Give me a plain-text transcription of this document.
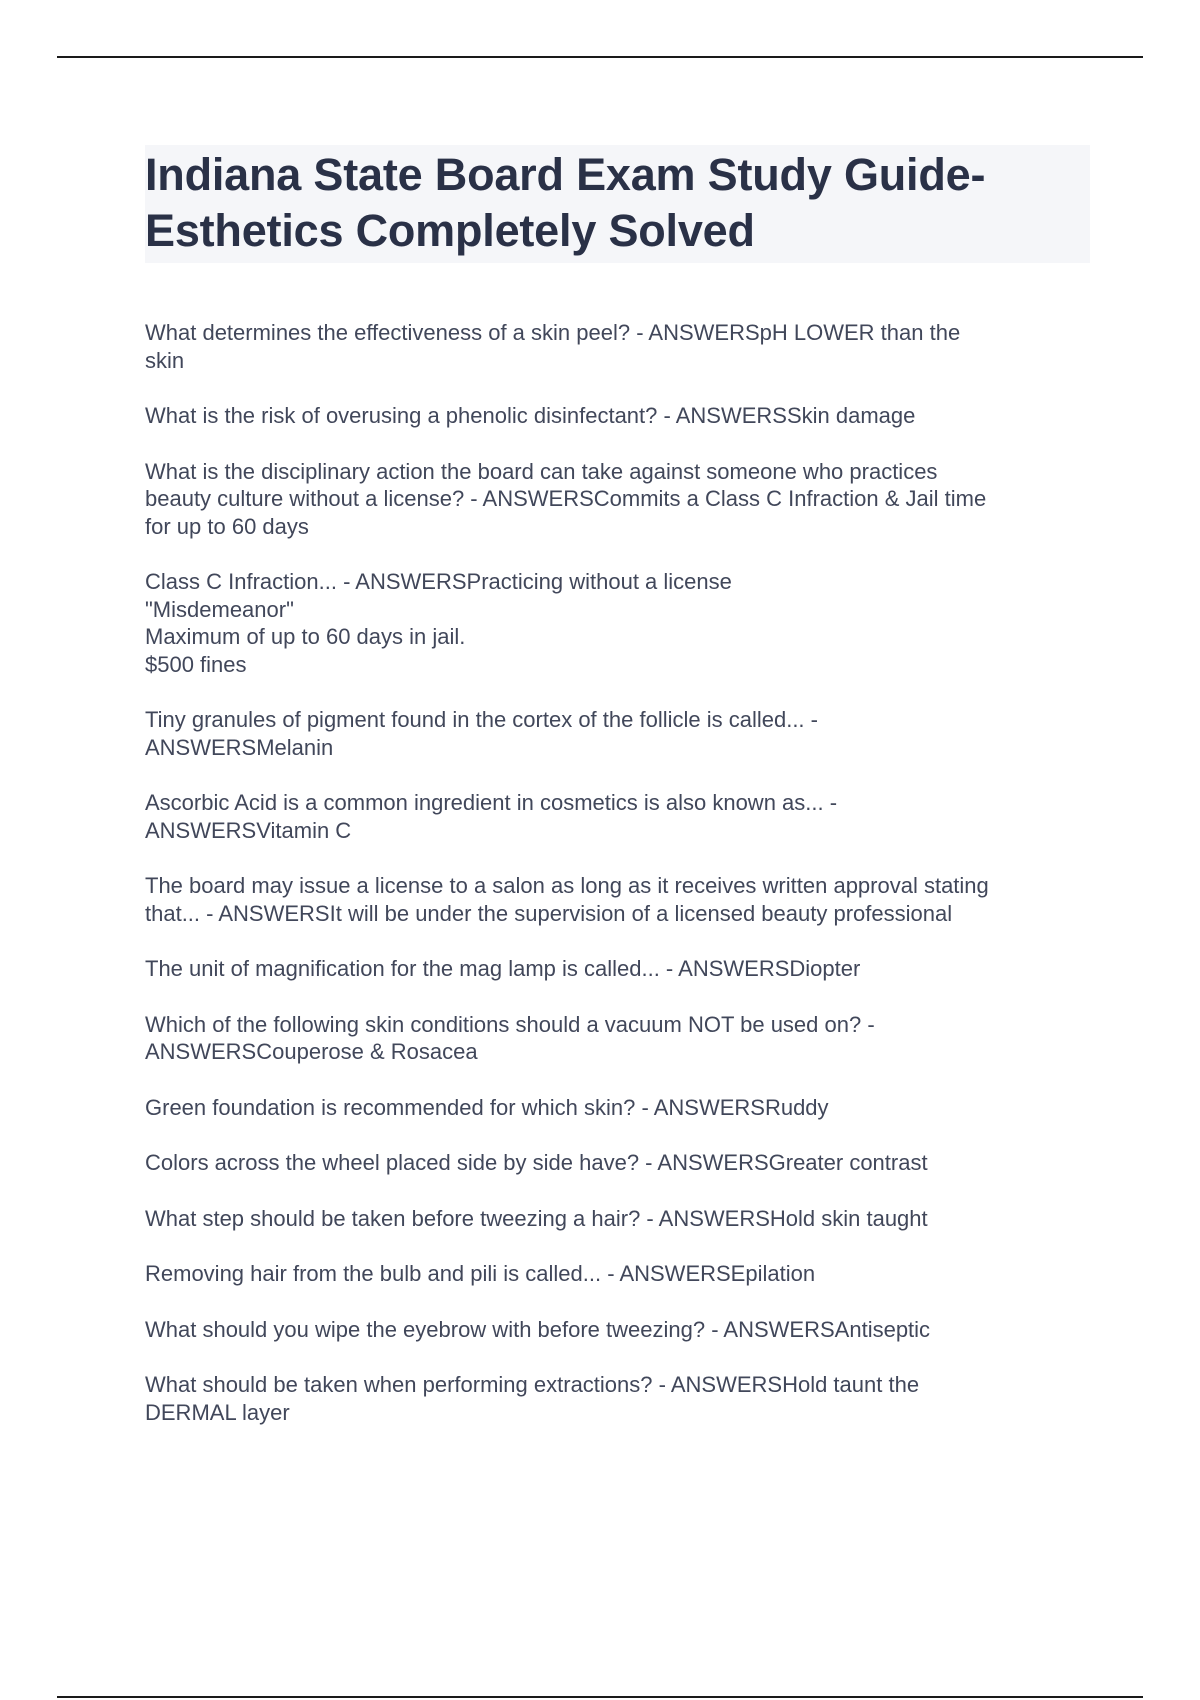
Indiana State Board Exam Study Guide-
Esthetics Completely Solved

What determines the effectiveness of a skin peel? - ANSWERSpH LOWER than the
skin

What is the risk of overusing a phenolic disinfectant? - ANSWERSSkin damage

What is the disciplinary action the board can take against someone who practices
beauty culture without a license? - ANSWERSCommits a Class C Infraction & Jail time
for up to 60 days

Class C Infraction... - ANSWERSPracticing without a license
"Misdemeanor"
Maximum of up to 60 days in jail.
$500 fines

Tiny granules of pigment found in the cortex of the follicle is called... -
ANSWERSMelanin

Ascorbic Acid is a common ingredient in cosmetics is also known as... -
ANSWERSVitamin C

The board may issue a license to a salon as long as it receives written approval stating
that... - ANSWERSIt will be under the supervision of a licensed beauty professional

The unit of magnification for the mag lamp is called... - ANSWERSDiopter

Which of the following skin conditions should a vacuum NOT be used on? -
ANSWERSCouperose & Rosacea

Green foundation is recommended for which skin? - ANSWERSRuddy

Colors across the wheel placed side by side have? - ANSWERSGreater contrast

What step should be taken before tweezing a hair? - ANSWERSHold skin taught

Removing hair from the bulb and pili is called... - ANSWERSEpilation

What should you wipe the eyebrow with before tweezing? - ANSWERSAntiseptic

What should be taken when performing extractions? - ANSWERSHold taunt the
DERMAL layer
